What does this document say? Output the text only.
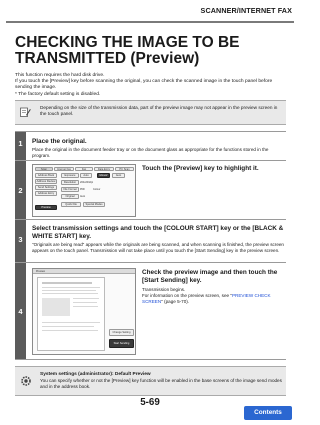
SCANNER/INTERNET FAX
CHECKING THE IMAGE TO BE TRANSMITTED (Preview)
This function requires the hard disk drive.
If you touch the [Preview] key before scanning the original, you can check the scanned image in the touch panel before sending the image.
* The factory default setting is disabled.
Depending on the size of the transmission data, part of the preview image may not appear in the preview screen in the touch panel.
1	Place the original.
Place the original in the document feeder tray or on the document glass as appropriate for the functions stored in the program.
2
Scan	Internet Fax	Fax	Data Entry	PC Scan
Address Book
Address Review
Send Settings
Address Entry
Preview
Exposure	Auto	Mono2	Auto
Resolution	200x200dpi
File Format	PDF	Colour
Original	Auto
Quick File	Special Modes
Touch the [Preview] key to highlight it.
3
Select transmission settings and touch the [COLOUR START] key or the [BLACK & WHITE START] key.
"Originals are being read" appears while the originals are being scanned, and when scanning is finished, the preview screen appears on the touch panel. Transmission will not take place until you touch the [Start Sending] key in the preview screen.
4
Preview
Change Setting
Start Sending
Check the preview image and then touch the [Start Sending] key.
Transmission begins.
For information on the preview screen, see "PREVIEW CHECK SCREEN" (page 5-70).
System settings (administrator): Default Preview
You can specify whether or not the [Preview] key function will be enabled in the base screens of the image send modes and in the address book.
5-69
Contents
